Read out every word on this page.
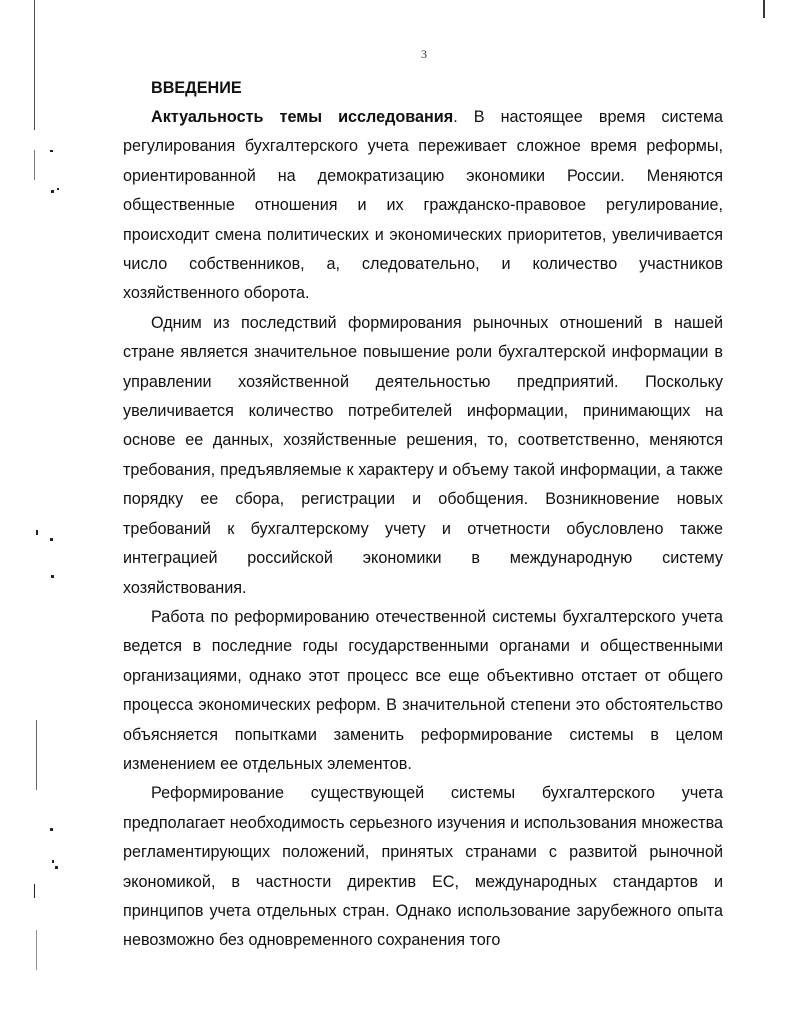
3
ВВЕДЕНИЕ

Актуальность темы исследования. В настоящее время система регулирования бухгалтерского учета переживает сложное время реформы, ориентированной на демократизацию экономики России. Меняются общественные отношения и их гражданско-правовое регулирование, происходит смена политических и экономических приоритетов, увеличивается число собственников, а, следовательно, и количество участников хозяйственного оборота.

Одним из последствий формирования рыночных отношений в нашей стране является значительное повышение роли бухгалтерской информации в управлении хозяйственной деятельностью предприятий. Поскольку увеличивается количество потребителей информации, принимающих на основе ее данных, хозяйственные решения, то, соответственно, меняются требования, предъявляемые к характеру и объему такой информации, а также порядку ее сбора, регистрации и обобщения. Возникновение новых требований к бухгалтерскому учету и отчетности обусловлено также интеграцией российской экономики в международную систему хозяйствования.

Работа по реформированию отечественной системы бухгалтерского учета ведется в последние годы государственными органами и общественными организациями, однако этот процесс все еще объективно отстает от общего процесса экономических реформ. В значительной степени это обстоятельство объясняется попытками заменить реформирование системы в целом изменением ее отдельных элементов.

Реформирование существующей системы бухгалтерского учета предполагает необходимость серьезного изучения и использования множества регламентирующих положений, принятых странами с развитой рыночной экономикой, в частности директив ЕС, международных стандартов и принципов учета отдельных стран. Однако использование зарубежного опыта невозможно без одновременного сохранения того
